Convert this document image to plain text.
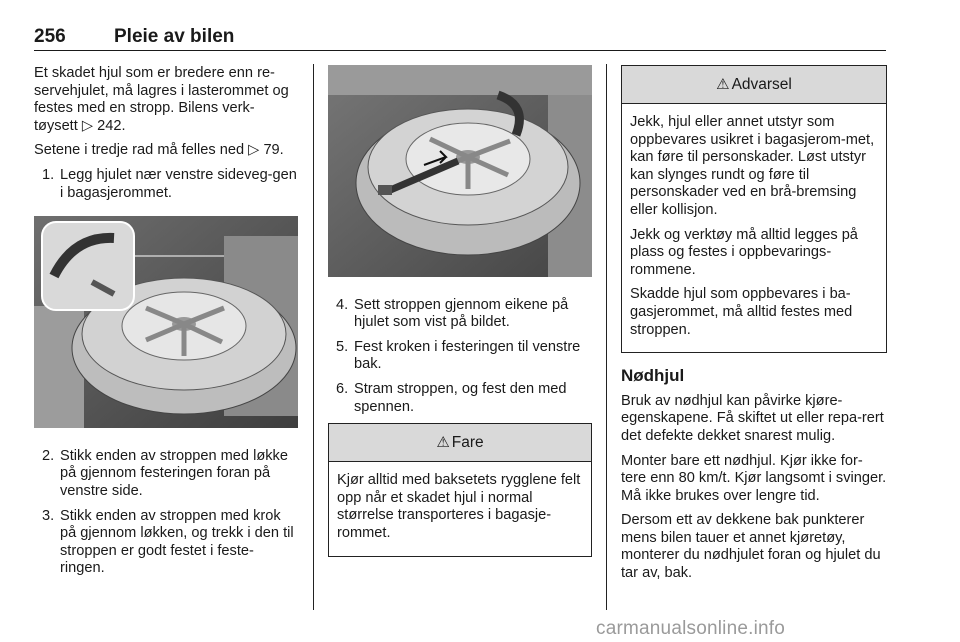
256	Pleie av bilen
Et skadet hjul som er bredere enn re-servehjulet, må lagres i lasterommet og festes med en stropp. Bilens verk-tøysett ▷ 242.
Setene i tredje rad må felles ned ▷ 79.
1. Legg hjulet nær venstre sideveg-gen i bagasjerommet.
2. Stikk enden av stroppen med løkke på gjennom festeringen foran på venstre side.
3. Stikk enden av stroppen med krok på gjennom løkken, og trekk i den til stroppen er godt festet i feste-ringen.
4. Sett stroppen gjennom eikene på hjulet som vist på bildet.
5. Fest kroken i festeringen til venstre bak.
6. Stram stroppen, og fest den med spennen.
⚠ Fare
Kjør alltid med baksetets rygglene felt opp når et skadet hjul i normal størrelse transporteres i bagasje-rommet.
⚠ Advarsel
Jekk, hjul eller annet utstyr som oppbevares usikret i bagasjerom-met, kan føre til personskader. Løst utstyr kan slynges rundt og føre til personskader ved en brå-bremsing eller kollisjon.
Jekk og verktøy må alltid legges på plass og festes i oppbevarings-rommene.
Skadde hjul som oppbevares i ba-gasjerommet, må alltid festes med stroppen.
Nødhjul
Bruk av nødhjul kan påvirke kjøre-egenskapene. Få skiftet ut eller repa-rert det defekte dekket snarest mulig.
Monter bare ett nødhjul. Kjør ikke for-tere enn 80 km/t. Kjør langsomt i svinger. Må ikke brukes over lengre tid.
Dersom ett av dekkene bak punkterer mens bilen tauer et annet kjøretøy, monterer du nødhjulet foran og hjulet du tar av, bak.
carmanualsonline.info
